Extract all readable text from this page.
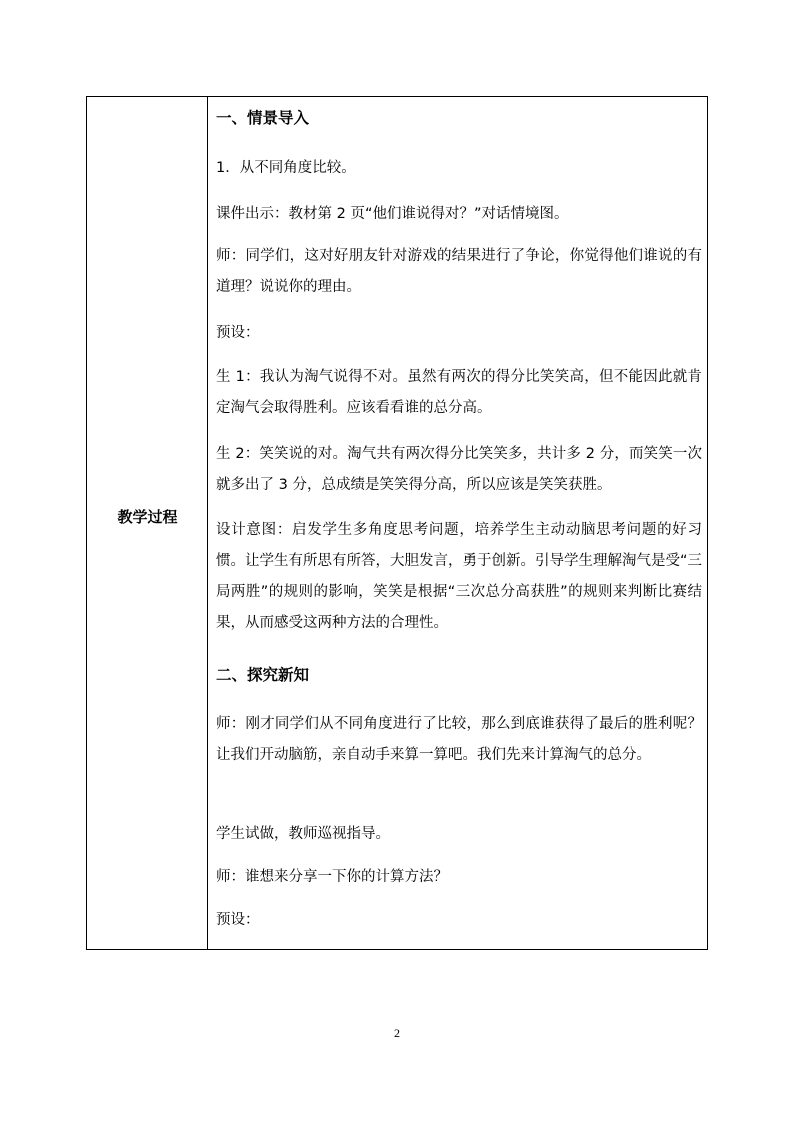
教学过程
一、情景导入
1．从不同角度比较。
课件出示：教材第 2 页“他们谁说得对？”对话情境图。
师：同学们，这对好朋友针对游戏的结果进行了争论，你觉得他们谁说的有道理？说说你的理由。
预设：
生 1：我认为淘气说得不对。虽然有两次的得分比笑笑高，但不能因此就肯定淘气会取得胜利。应该看看谁的总分高。
生 2：笑笑说的对。淘气共有两次得分比笑笑多，共计多 2 分，而笑笑一次就多出了 3 分，总成绩是笑笑得分高，所以应该是笑笑获胜。
设计意图：启发学生多角度思考问题，培养学生主动动脑思考问题的好习惯。让学生有所思有所答，大胆发言，勇于创新。引导学生理解淘气是受“三局两胜”的规则的影响，笑笑是根据“三次总分高获胜”的规则来判断比赛结果，从而感受这两种方法的合理性。
二、探究新知
师：刚才同学们从不同角度进行了比较，那么到底谁获得了最后的胜利呢？让我们开动脑筋，亲自动手来算一算吧。我们先来计算淘气的总分。
学生试做，教师巡视指导。
师：谁想来分享一下你的计算方法？
预设：
2
